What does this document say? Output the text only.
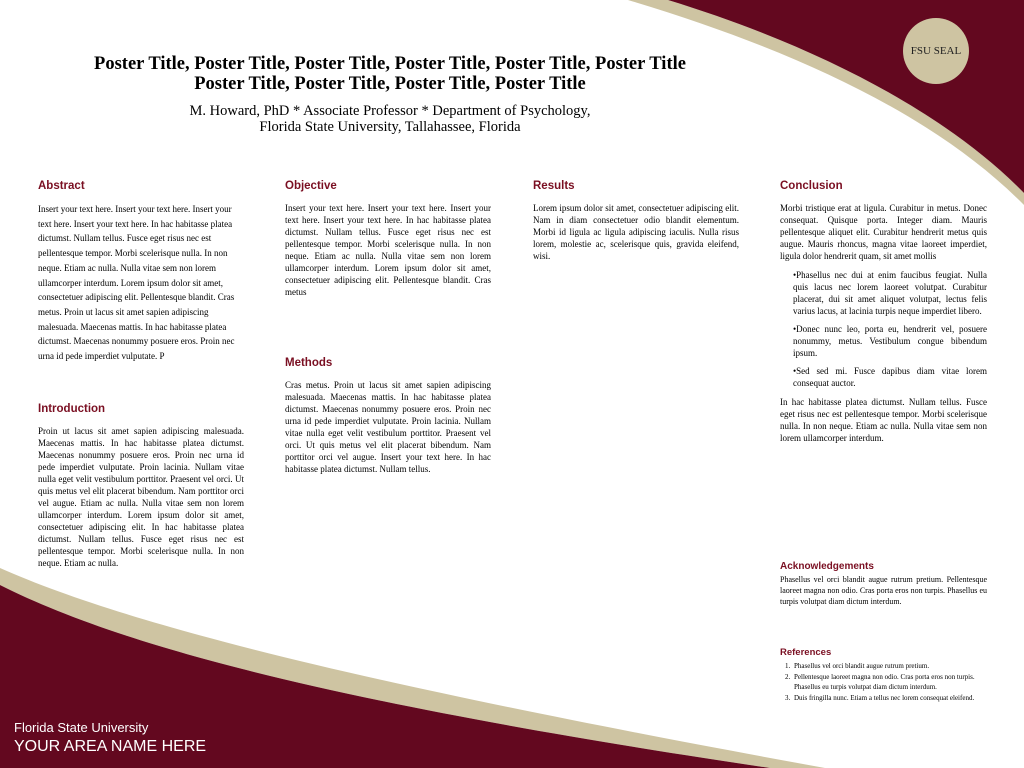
Poster Title, Poster Title, Poster Title, Poster Title, Poster Title, Poster Title
Poster Title, Poster Title, Poster Title, Poster Title
M. Howard, PhD * Associate Professor * Department of Psychology,
Florida State University, Tallahassee, Florida
FSU SEAL
Abstract

Insert your text here. Insert your text here. Insert your text here. Insert your text here. In hac habitasse platea dictumst. Nullam tellus. Fusce eget risus nec est pellentesque tempor. Morbi scelerisque nulla. In non neque. Etiam ac nulla. Nulla vitae sem non lorem ullamcorper interdum. Lorem ipsum dolor sit amet, consectetuer adipiscing elit. Pellentesque blandit. Cras metus. Proin ut lacus sit amet sapien adipiscing malesuada. Maecenas mattis. In hac habitasse platea dictumst. Maecenas nonummy posuere eros. Proin nec urna id pede imperdiet vulputate. P

Introduction

Proin ut lacus sit amet sapien adipiscing malesuada. Maecenas mattis. In hac habitasse platea dictumst. Maecenas nonummy posuere eros. Proin nec urna id pede imperdiet vulputate. Proin lacinia. Nullam vitae nulla eget velit vestibulum porttitor. Praesent vel orci. Ut quis metus vel elit placerat bibendum. Nam porttitor orci vel augue. Etiam ac nulla. Nulla vitae sem non lorem ullamcorper interdum. Lorem ipsum dolor sit amet, consectetuer adipiscing elit. In hac habitasse platea dictumst. Nullam tellus. Fusce eget risus nec est pellentesque tempor. Morbi scelerisque nulla. In non neque. Etiam ac nulla.

Objective

Insert your text here. Insert your text here. Insert your text here. Insert your text here. In hac habitasse platea dictumst. Nullam tellus. Fusce eget risus nec est pellentesque tempor. Morbi scelerisque nulla. In non neque. Etiam ac nulla. Nulla vitae sem non lorem ullamcorper interdum. Lorem ipsum dolor sit amet, consectetuer adipiscing elit. Pellentesque blandit. Cras metus

Methods

Cras metus. Proin ut lacus sit amet sapien adipiscing malesuada. Maecenas mattis. In hac habitasse platea dictumst. Maecenas nonummy posuere eros. Proin nec urna id pede imperdiet vulputate. Proin lacinia. Nullam vitae nulla eget velit vestibulum porttitor. Praesent vel orci. Ut quis metus vel elit placerat bibendum. Nam porttitor orci vel augue. Insert your text here. In hac habitasse platea dictumst. Nullam tellus.

Results

Lorem ipsum dolor sit amet, consectetuer adipiscing elit. Nam in diam consectetuer odio blandit elementum. Morbi id ligula ac ligula adipiscing iaculis. Nulla risus lorem, molestie ac, scelerisque quis, gravida eleifend, wisi.

Conclusion

Morbi tristique erat at ligula. Curabitur in metus. Donec consequat. Quisque porta. Integer diam. Mauris pellentesque aliquet elit. Curabitur hendrerit metus quis augue. Mauris rhoncus, magna vitae laoreet imperdiet, ligula dolor hendrerit quam, sit amet mollis

•Phasellus nec dui at enim faucibus feugiat. Nulla quis lacus nec lorem laoreet volutpat. Curabitur placerat, dui sit amet aliquet volutpat, lectus felis varius lacus, at lacinia turpis neque imperdiet libero.
•Donec nunc leo, porta eu, hendrerit vel, posuere nonummy, metus. Vestibulum congue bibendum ipsum.
•Sed sed mi. Fusce dapibus diam vitae lorem consequat auctor.

In hac habitasse platea dictumst. Nullam tellus. Fusce eget risus nec est pellentesque tempor. Morbi scelerisque nulla. In non neque. Etiam ac nulla. Nulla vitae sem non lorem ullamcorper interdum.

Acknowledgements

Phasellus vel orci blandit augue rutrum pretium. Pellentesque laoreet magna non odio. Cras porta eros non turpis. Phasellus eu turpis volutpat diam dictum interdum.

References
1. Phasellus vel orci blandit augue rutrum pretium.
2. Pellentesque laoreet magna non odio. Cras porta eros non turpis. Phasellus eu turpis volutpat diam dictum interdum.
3. Duis fringilla nunc. Etiam a tellus nec lorem consequat eleifend.
Florida State University
YOUR AREA NAME HERE
